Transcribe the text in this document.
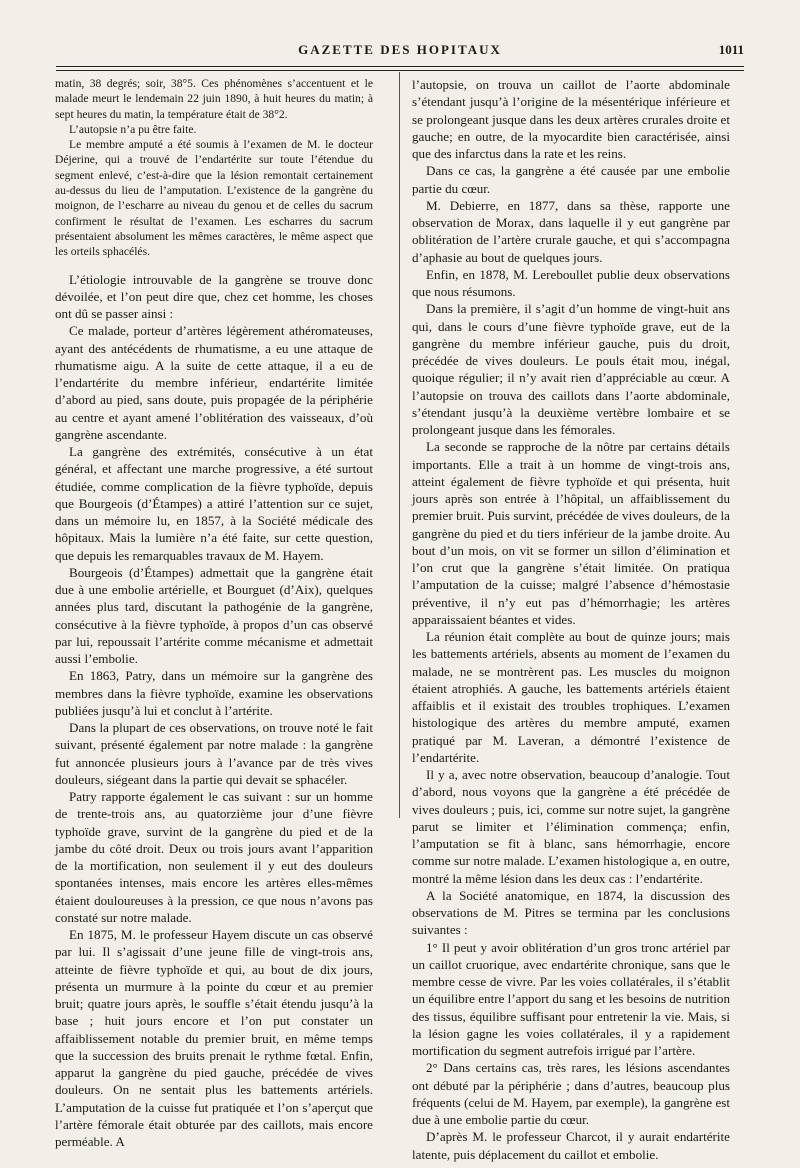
GAZETTE DES HOPITAUX	1011

matin, 38 degrés; soir, 38°5. Ces phénomènes s’accentuent et le malade meurt le lendemain 22 juin 1890, à huit heures du matin; à sept heures du matin, la température était de 38°2.

L’autopsie n’a pu être faite.

Le membre amputé a été soumis à l’examen de M. le docteur Déjerine, qui a trouvé de l’endartérite sur toute l’étendue du segment enlevé, c’est-à-dire que la lésion remontait certainement au-dessus du lieu de l’amputation. L’existence de la gangrène du moignon, de l’escharre au niveau du genou et de celles du sacrum confirment le résultat de l’examen. Les escharres du sacrum présentaient absolument les mêmes caractères, le même aspect que les orteils sphacélés.

L’étiologie introuvable de la gangrène se trouve donc dévoilée, et l’on peut dire que, chez cet homme, les choses ont dû se passer ainsi :

Ce malade, porteur d’artères légèrement athéromateuses, ayant des antécédents de rhumatisme, a eu une attaque de rhumatisme aigu. A la suite de cette attaque, il a eu de l’endartérite du membre inférieur, endartérite limitée d’abord au pied, sans doute, puis propagée de la périphérie au centre et ayant amené l’oblitération des vaisseaux, d’où gangrène ascendante.

La gangrène des extrémités, consécutive à un état général, et affectant une marche progressive, a été surtout étudiée, comme complication de la fièvre typhoïde, depuis que Bourgeois (d’Étampes) a attiré l’attention sur ce sujet, dans un mémoire lu, en 1857, à la Société médicale des hôpitaux. Mais la lumière n’a été faite, sur cette question, que depuis les remarquables travaux de M. Hayem.

Bourgeois (d’Étampes) admettait que la gangrène était due à une embolie artérielle, et Bourguet (d’Aix), quelques années plus tard, discutant la pathogénie de la gangrène, consécutive à la fièvre typhoïde, à propos d’un cas observé par lui, repoussait l’artérite comme mécanisme et admettait aussi l’embolie.

En 1863, Patry, dans un mémoire sur la gangrène des membres dans la fièvre typhoïde, examine les observations publiées jusqu’à lui et conclut à l’artérite.

Dans la plupart de ces observations, on trouve noté le fait suivant, présenté également par notre malade : la gangrène fut annoncée plusieurs jours à l’avance par de très vives douleurs, siégeant dans la partie qui devait se sphacéler.

Patry rapporte également le cas suivant : sur un homme de trente-trois ans, au quatorzième jour d’une fièvre typhoïde grave, survint de la gangrène du pied et de la jambe du côté droit. Deux ou trois jours avant l’apparition de la mortification, non seulement il y eut des douleurs spontanées intenses, mais encore les artères elles-mêmes étaient douloureuses à la pression, ce que nous n’avons pas constaté sur notre malade.

En 1875, M. le professeur Hayem discute un cas observé par lui. Il s’agissait d’une jeune fille de vingt-trois ans, atteinte de fièvre typhoïde et qui, au bout de dix jours, présenta un murmure à la pointe du cœur et au premier bruit; quatre jours après, le souffle s’était étendu jusqu’à la base ; huit jours encore et l’on put constater un affaiblissement notable du premier bruit, en même temps que la succession des bruits prenait le rythme fœtal. Enfin, apparut la gangrène du pied gauche, précédée de vives douleurs. On ne sentait plus les battements artériels. L’amputation de la cuisse fut pratiquée et l’on s’aperçut que l’artère fémorale était obturée par des caillots, mais encore perméable. A

l’autopsie, on trouva un caillot de l’aorte abdominale s’étendant jusqu’à l’origine de la mésentérique inférieure et se prolongeant jusque dans les deux artères crurales droite et gauche; en outre, de la myocardite bien caractérisée, ainsi que des infarctus dans la rate et les reins.

Dans ce cas, la gangrène a été causée par une embolie partie du cœur.

M. Debierre, en 1877, dans sa thèse, rapporte une observation de Morax, dans laquelle il y eut gangrène par oblitération de l’artère crurale gauche, et qui s’accompagna d’aphasie au bout de quelques jours.

Enfin, en 1878, M. Lereboullet publie deux observations que nous résumons.

Dans la première, il s’agit d’un homme de vingt-huit ans qui, dans le cours d’une fièvre typhoïde grave, eut de la gangrène du membre inférieur gauche, puis du droit, précédée de vives douleurs. Le pouls était mou, inégal, quoique régulier; il n’y avait rien d’appréciable au cœur. A l’autopsie on trouva des caillots dans l’aorte abdominale, s’étendant jusqu’à la deuxième vertèbre lombaire et se prolongeant jusque dans les fémorales.

La seconde se rapproche de la nôtre par certains détails importants. Elle a trait à un homme de vingt-trois ans, atteint également de fièvre typhoïde et qui présenta, huit jours après son entrée à l’hôpital, un affaiblissement du premier bruit. Puis survint, précédée de vives douleurs, de la gangrène du pied et du tiers inférieur de la jambe droite. Au bout d’un mois, on vit se former un sillon d’élimination et l’on crut que la gangrène s’était limitée. On pratiqua l’amputation de la cuisse; malgré l’absence d’hémostasie préventive, il n’y eut pas d’hémorrhagie; les artères apparaissaient béantes et vides.

La réunion était complète au bout de quinze jours; mais les battements artériels, absents au moment de l’examen du malade, ne se montrèrent pas. Les muscles du moignon étaient atrophiés. A gauche, les battements artériels étaient affaiblis et il existait des troubles trophiques. L’examen histologique des artères du membre amputé, examen pratiqué par M. Laveran, a démontré l’existence de l’endartérite.

Il y a, avec notre observation, beaucoup d’analogie. Tout d’abord, nous voyons que la gangrène a été précédée de vives douleurs ; puis, ici, comme sur notre sujet, la gangrène parut se limiter et l’élimination commença; enfin, l’amputation se fit à blanc, sans hémorrhagie, encore comme sur notre malade. L’examen histologique a, en outre, montré la même lésion dans les deux cas : l’endartérite.

A la Société anatomique, en 1874, la discussion des observations de M. Pitres se termina par les conclusions suivantes :

1° Il peut y avoir oblitération d’un gros tronc artériel par un caillot cruorique, avec endartérite chronique, sans que le membre cesse de vivre. Par les voies collatérales, il s’établit un équilibre entre l’apport du sang et les besoins de nutrition des tissus, équilibre suffisant pour entretenir la vie. Mais, si la lésion gagne les voies collatérales, il y a rapidement mortification du segment autrefois irrigué par l’artère.

2° Dans certains cas, très rares, les lésions ascendantes ont débuté par la périphérie ; dans d’autres, beaucoup plus fréquents (celui de M. Hayem, par exemple), la gangrène est due à une embolie partie du cœur.

D’après M. le professeur Charcot, il y aurait endartérite latente, puis déplacement du caillot et embolie.
